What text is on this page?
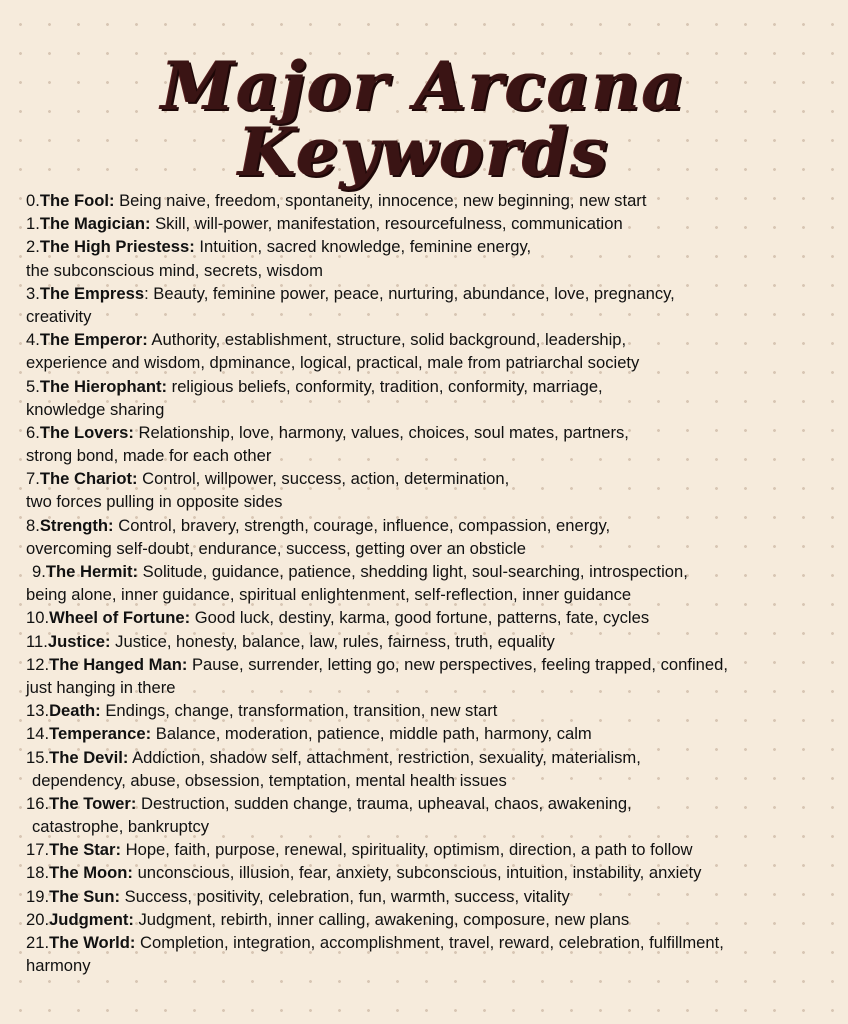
Major Arcana
Keywords
0.The Fool: Being naive, freedom, spontaneity, innocence, new beginning, new start
1.The Magician: Skill, will-power, manifestation, resourcefulness, communication
2.The High Priestess: Intuition, sacred knowledge, feminine energy,
the subconscious mind, secrets, wisdom
3.The Empress: Beauty, feminine power, peace, nurturing, abundance, love, pregnancy,
creativity
4.The Emperor: Authority, establishment, structure, solid background, leadership,
experience and wisdom, dpminance, logical, practical, male from patriarchal society
5.The Hierophant: religious beliefs, conformity, tradition, conformity, marriage,
knowledge sharing
6.The Lovers: Relationship, love, harmony, values, choices, soul mates, partners,
strong bond, made for each other
7.The Chariot: Control, willpower, success, action, determination,
two forces pulling in opposite sides
8.Strength: Control, bravery, strength, courage, influence, compassion, energy,
overcoming self-doubt, endurance, success, getting over an obsticle
9.The Hermit: Solitude, guidance, patience, shedding light, soul-searching, introspection,
being alone, inner guidance, spiritual enlightenment, self-reflection, inner guidance
10.Wheel of Fortune: Good luck, destiny, karma, good fortune, patterns, fate, cycles
11.Justice: Justice, honesty, balance, law, rules, fairness, truth, equality
12.The Hanged Man: Pause, surrender, letting go, new perspectives, feeling trapped, confined,
just hanging in there
13.Death: Endings, change, transformation, transition, new start
14.Temperance: Balance, moderation, patience, middle path, harmony, calm
15.The Devil: Addiction, shadow self, attachment, restriction, sexuality, materialism,
dependency, abuse, obsession, temptation, mental health issues
16.The Tower: Destruction, sudden change, trauma, upheaval, chaos, awakening,
catastrophe, bankruptcy
17.The Star: Hope, faith, purpose, renewal, spirituality, optimism, direction, a path to follow
18.The Moon: unconscious, illusion, fear, anxiety, subconscious, intuition, instability, anxiety
19.The Sun: Success, positivity, celebration, fun, warmth, success, vitality
20.Judgment: Judgment, rebirth, inner calling, awakening, composure, new plans
21.The World: Completion, integration, accomplishment, travel, reward, celebration, fulfillment,
harmony
